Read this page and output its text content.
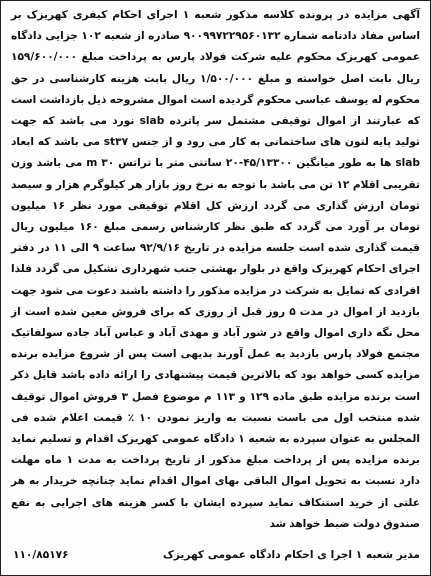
آگهی مزایده در پرونده کلاسه مذکور شعبه ۱ اجرای احکام کیفری کهریزک بر اساس مفاد دادنامه شماره ۹۰۰۹۹۷۲۲۹۵۶۰۱۳۲ صادره از شعبه ۱۰۲ جزایی دادگاه عمومی کهریزک محکوم علیه شرکت فولاد پارس به پرداخت مبلغ ۱۵۹/۶۰۰/۰۰۰ ریال بابت اصل خواسته و مبلغ ۱/۵۰۰/۰۰۰ ریال بابت هزینه کارشناسی در حق محکوم له یوسف عباسی محکوم گردیده است اموال مشروحه ذیل بازداشت است که عبارتند از اموال توقیفی مشتمل سر پاترده slab نورد می باشد که جهت تولید پایه لتون های ساختمانی به کار می رود و از جنس st۳۷ می باشد که ابعاد slab ها به طور میانگین ۴۵/۱۳۳۰۰-۲۰ ساتتی متر با تراتس ۳۰ m می باشد وزن تقریبی اقلام ۱۲ تن می باشد با توجه به نرخ روز بازار هر کیلوگرم هزار و سیصد تومان ارزش گذاری می گردد ارزش کل اقلام توقیفی مورد نظر ۱۶ میلیون تومان بر آورد می گردد که طبق نظر کارشناس رسمی مبلغ ۱۶۰ میلیون ریال قیمت گذاری شده است جلسه مزایده در تاریخ ۹۲/۹/۱۶ ساعت ۹ الی ۱۱ در دفتر اجرای احکام کهریزک واقع در بلوار بهشتی جنب شهرداری تشکیل می گردد فلذا افرادی که تمایل به شرکت در مزایده مذکور را داشته باشند دعوت می شود جهت بازدید از اموال در مدت ۵ روز قبل از روزی که برای فروش معین شده است از محل نگه داری اموال واقع در شور آباد و مهدی آباد و عباس آباد جاده سولفاتیک مجتمع فولاد پارس بازدید به عمل آورند بدیهی است پس از شروع مزایده برنده مزایده کسی خواهد بود که بالاترین قیمت پیشنهادی را ارائه داده باشد قابل ذکر است برنده مزایده طبق ماده ۱۲۹ و ۱۱۳ م موضوع فصل ۳ فروش اموال توقیف شده منتخب اول می باست نسبت به واریز نمودن ۱۰ ٪ قیمت اعلام شده فی المجلس به عنوان سپرده به شعبه ۱ دادگاه عمومی کهریزک اقدام و تسلیم نماید برنده مزایده پس از پرداخت مبلغ مذکور از تاریخ پرداخت به مدت ۱ ماه مهلت دارد نسبت به تحویل اموال الباقی بهای اموال اقدام نماید چنانچه خریدار به هر علتی از خرید استنکاف نماید سپرده ایشان با کسر هزینه های اجرایی به نفع صندوق دولت ضبط خواهد شد

مدیر شعبه ۱ اجرا ی احکام دادگاه عمومی کهریزک
۱۱۰/۸۵۱۷۶
